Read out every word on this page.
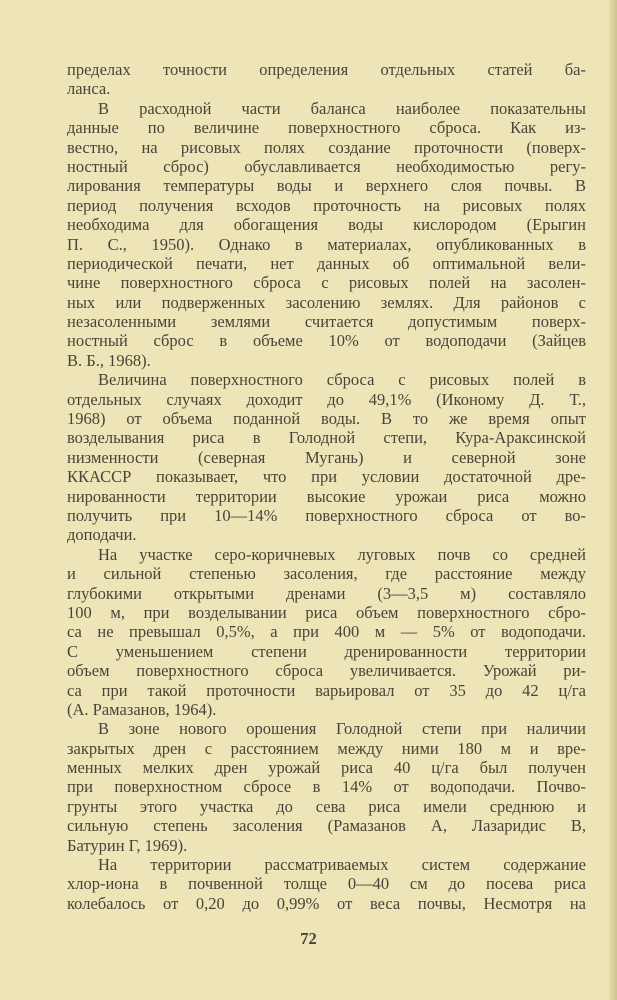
пределах точности определения отдельных статей ба-
ланса.
В расходной части баланса наиболее показательны
данные по величине поверхностного сброса. Как из-
вестно, на рисовых полях создание проточности (поверх-
ностный сброс) обуславливается необходимостью регу-
лирования температуры воды и верхнего слоя почвы. В
период получения всходов проточность на рисовых полях
необходима для обогащения воды кислородом (Ерыгин
П. С., 1950). Однако в материалах, опубликованных в
периодической печати, нет данных об оптимальной вели-
чине поверхностного сброса с рисовых полей на засолен-
ных или подверженных засолению землях. Для районов с
незасоленными землями считается допустимым поверх-
ностный сброс в объеме 10% от водоподачи (Зайцев
В. Б., 1968).
Величина поверхностного сброса с рисовых полей в
отдельных случаях доходит до 49,1% (Иконому Д. Т.,
1968) от объема поданной воды. В то же время опыт
возделывания риса в Голодной степи, Кура-Араксинской
низменности (северная Мугань) и северной зоне
ККАССР показывает, что при условии достаточной дре-
нированности территории высокие урожаи риса можно
получить при 10—14% поверхностного сброса от во-
доподачи.
На участке серо-коричневых луговых почв со средней
и сильной степенью засоления, где расстояние между
глубокими открытыми дренами (3—3,5 м) составляло
100 м, при возделывании риса объем поверхностного сбро-
са не превышал 0,5%, а при 400 м — 5% от водоподачи.
С уменьшением степени дренированности территории
объем поверхностного сброса увеличивается. Урожай ри-
са при такой проточности варьировал от 35 до 42 ц/га
(А. Рамазанов, 1964).
В зоне нового орошения Голодной степи при наличии
закрытых дрен с расстоянием между ними 180 м и вре-
менных мелких дрен урожай риса 40 ц/га был получен
при поверхностном сбросе в 14% от водоподачи. Почво-
грунты этого участка до сева риса имели среднюю и
сильную степень засоления (Рамазанов А, Лазаридис В,
Батурин Г, 1969).
На территории рассматриваемых систем содержание
хлор-иона в почвенной толще 0—40 см до посева риса
колебалось от 0,20 до 0,99% от веса почвы, Несмотря на
72
